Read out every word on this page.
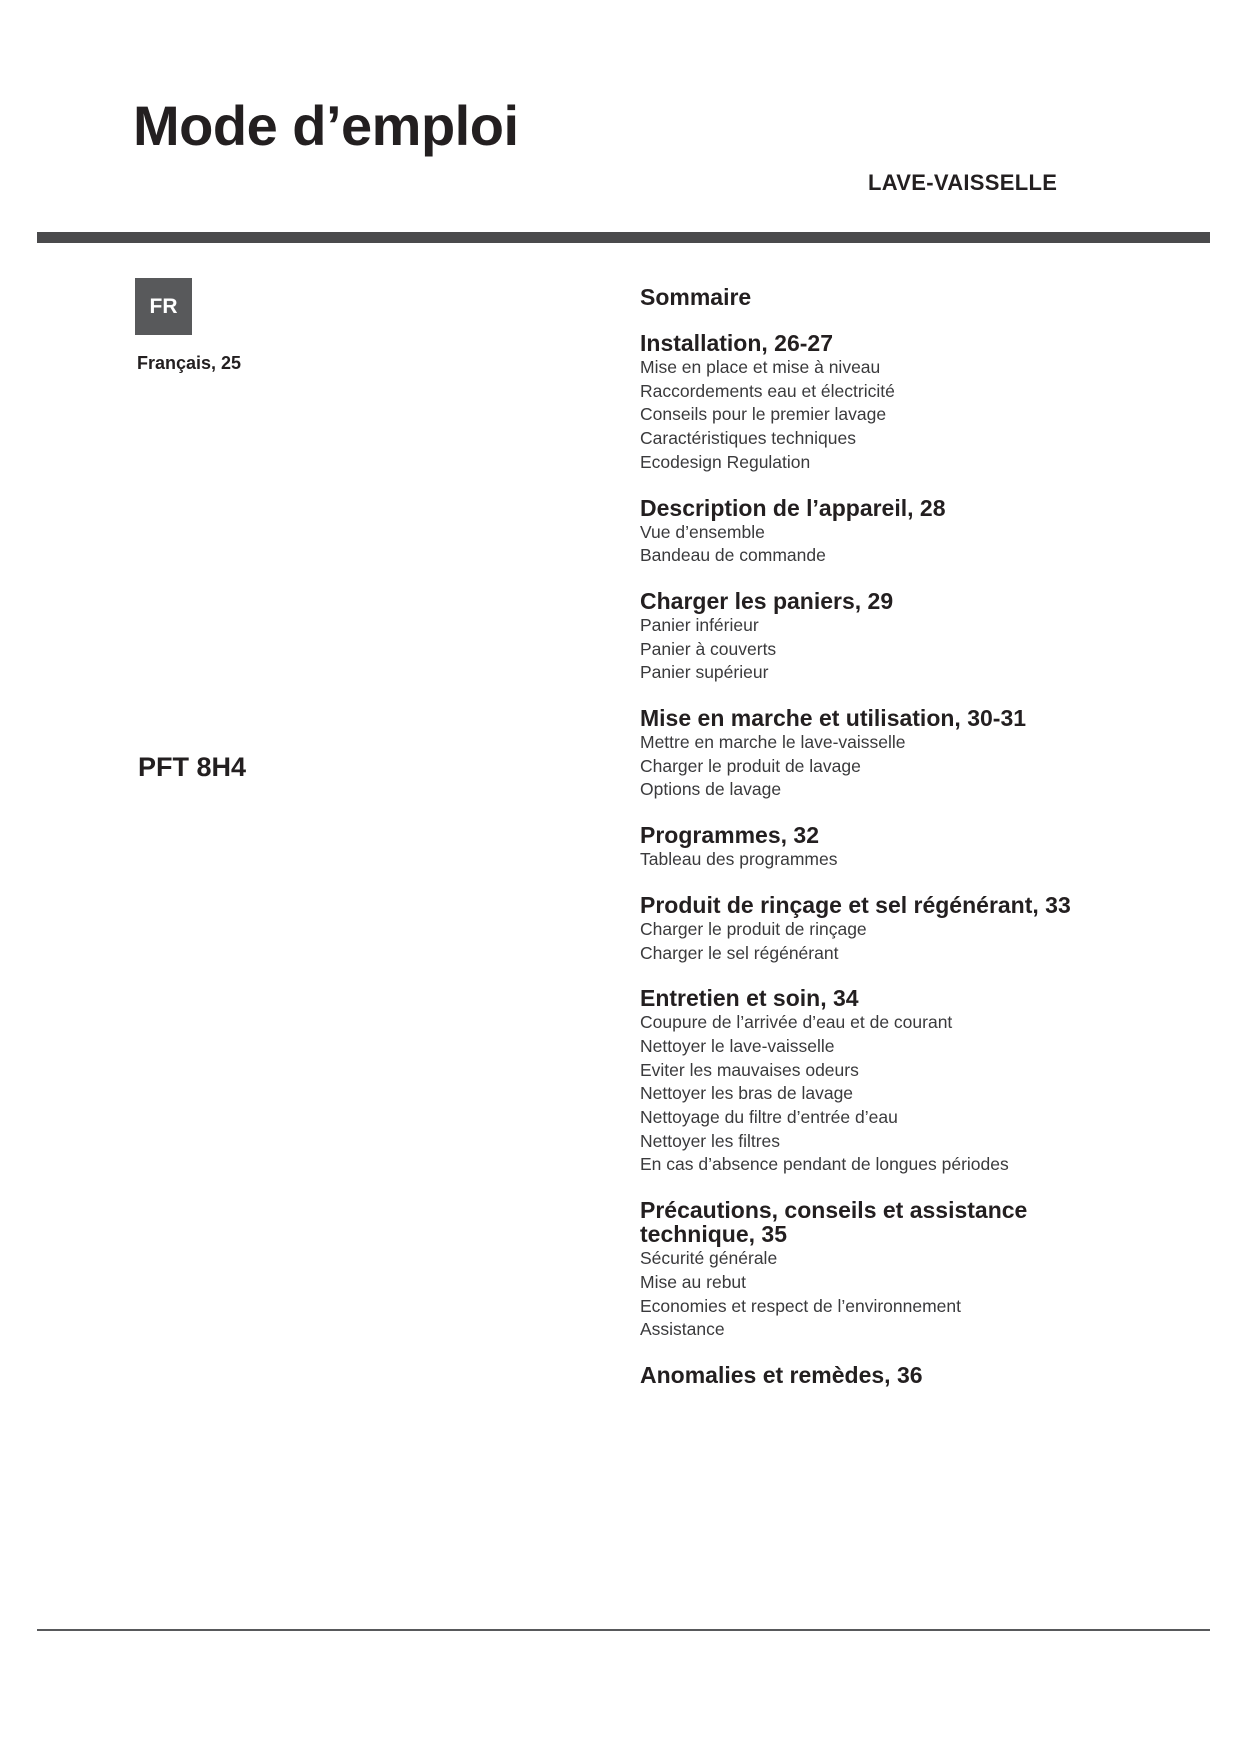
Mode d’emploi
LAVE-VAISSELLE
FR
Français, 25
PFT 8H4
Sommaire
Installation, 26-27
Mise en place et mise à niveau
Raccordements eau et électricité
Conseils pour le premier lavage
Caractéristiques techniques
Ecodesign Regulation
Description de l’appareil, 28
Vue d’ensemble
Bandeau de commande
Charger les paniers, 29
Panier inférieur
Panier à couverts
Panier supérieur
Mise en marche et utilisation, 30-31
Mettre en marche le lave-vaisselle
Charger le produit de lavage
Options de lavage
Programmes, 32
Tableau des programmes
Produit de rinçage et sel régénérant, 33
Charger le produit de rinçage
Charger le sel régénérant
Entretien et soin, 34
Coupure de l’arrivée d’eau et de courant
Nettoyer le lave-vaisselle
Eviter les mauvaises odeurs
Nettoyer les bras de lavage
Nettoyage du filtre d’entrée d’eau
Nettoyer les filtres
En cas d’absence pendant de longues périodes
Précautions, conseils et assistance technique, 35
Sécurité générale
Mise au rebut
Economies et respect de l’environnement
Assistance
Anomalies et remèdes, 36
